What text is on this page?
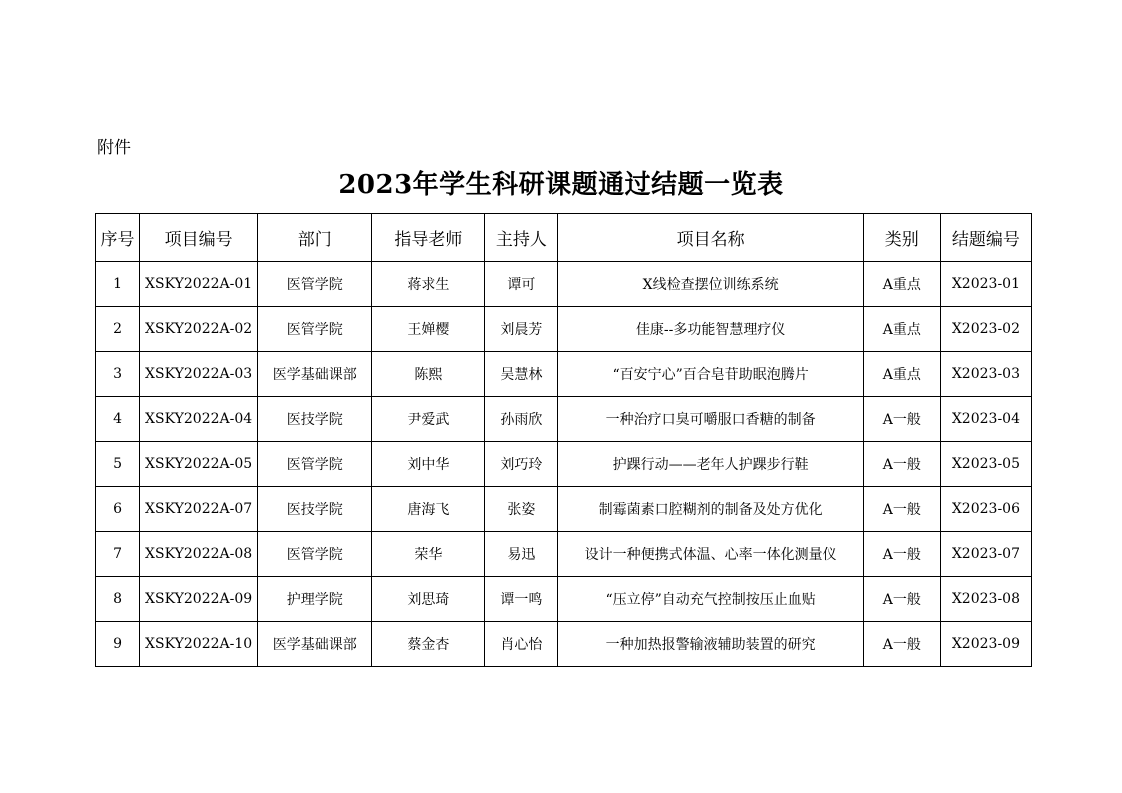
附件
2023年学生科研课题通过结题一览表
序号	项目编号	部门	指导老师	主持人	项目名称	类别	结题编号
1	XSKY2022A-01	医管学院	蒋求生	谭可	X线检查摆位训练系统	A重点	X2023-01
2	XSKY2022A-02	医管学院	王婵樱	刘晨芳	佳康--多功能智慧理疗仪	A重点	X2023-02
3	XSKY2022A-03	医学基础课部	陈熙	吴慧林	“百安宁心”百合皂苷助眠泡腾片	A重点	X2023-03
4	XSKY2022A-04	医技学院	尹爱武	孙雨欣	一种治疗口臭可嚼服口香糖的制备	A一般	X2023-04
5	XSKY2022A-05	医管学院	刘中华	刘巧玲	护踝行动——老年人护踝步行鞋	A一般	X2023-05
6	XSKY2022A-07	医技学院	唐海飞	张姿	制霉菌素口腔糊剂的制备及处方优化	A一般	X2023-06
7	XSKY2022A-08	医管学院	荣华	易迅	设计一种便携式体温、心率一体化测量仪	A一般	X2023-07
8	XSKY2022A-09	护理学院	刘思琦	谭一鸣	“压立停”自动充气控制按压止血贴	A一般	X2023-08
9	XSKY2022A-10	医学基础课部	蔡金杏	肖心怡	一种加热报警输液辅助装置的研究	A一般	X2023-09
